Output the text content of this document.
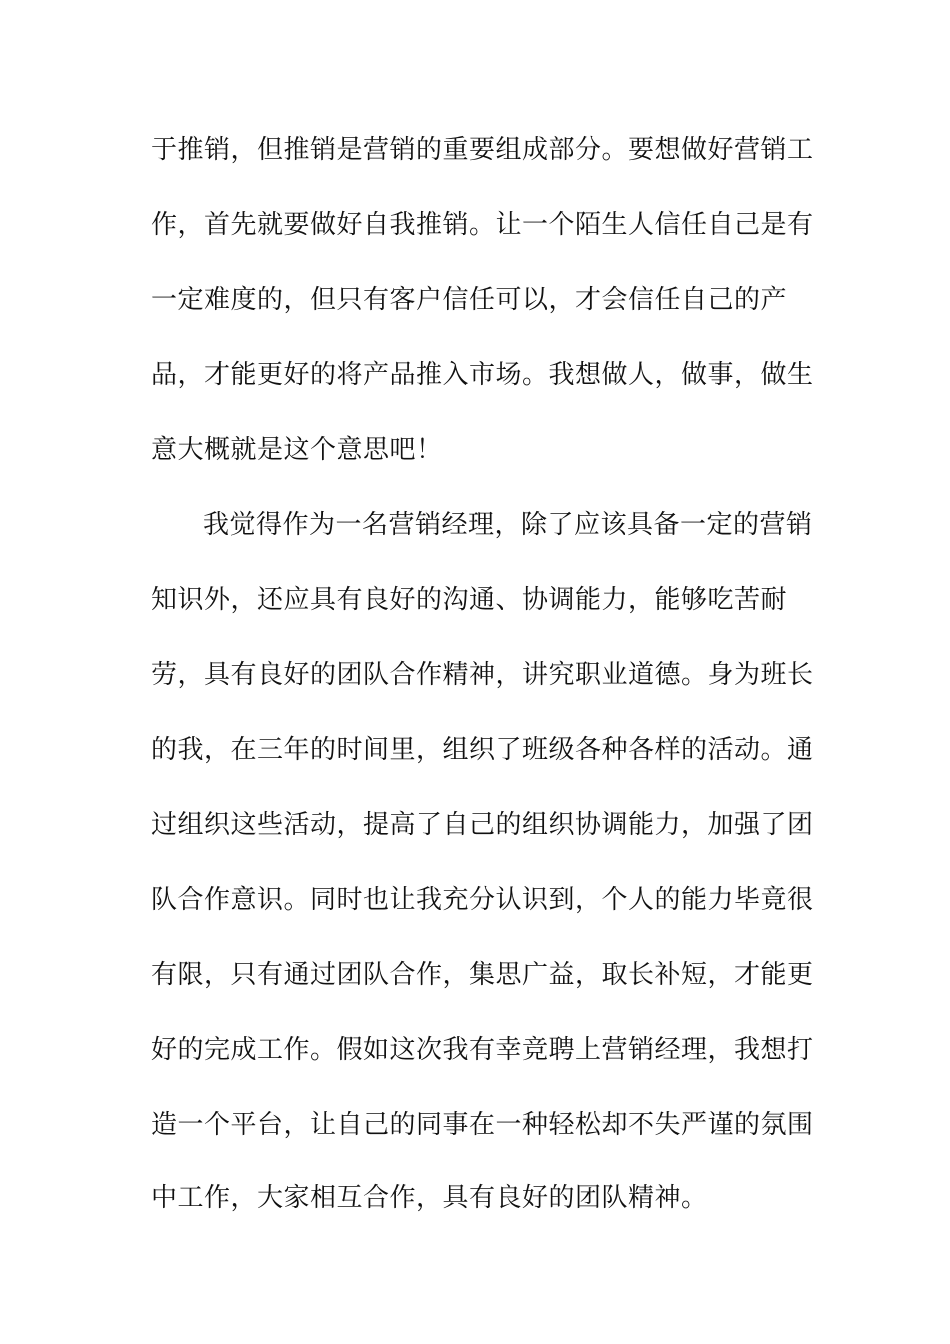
于推销，但推销是营销的重要组成部分。要想做好营销工
作，首先就要做好自我推销。让一个陌生人信任自己是有
一定难度的，但只有客户信任可以，才会信任自己的产
品，才能更好的将产品推入市场。我想做人，做事，做生
意大概就是这个意思吧！
我觉得作为一名营销经理，除了应该具备一定的营销
知识外，还应具有良好的沟通、协调能力，能够吃苦耐
劳，具有良好的团队合作精神，讲究职业道德。身为班长
的我，在三年的时间里，组织了班级各种各样的活动。通
过组织这些活动，提高了自己的组织协调能力，加强了团
队合作意识。同时也让我充分认识到，个人的能力毕竟很
有限，只有通过团队合作，集思广益，取长补短，才能更
好的完成工作。假如这次我有幸竞聘上营销经理，我想打
造一个平台，让自己的同事在一种轻松却不失严谨的氛围
中工作，大家相互合作，具有良好的团队精神。
